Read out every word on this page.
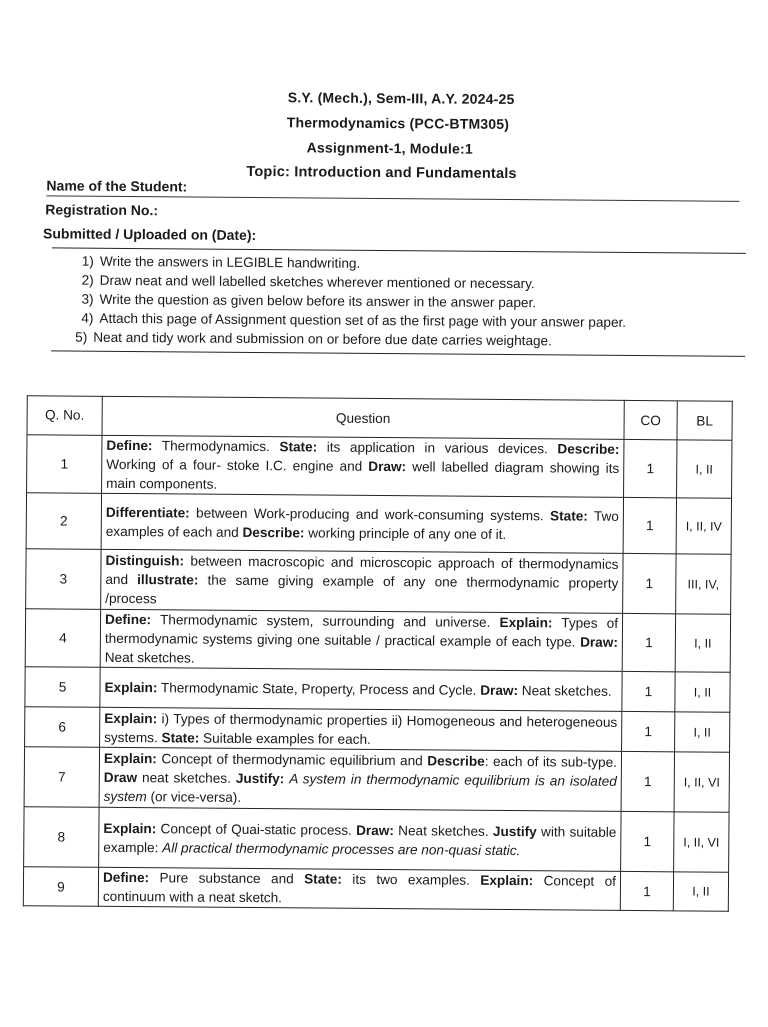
S.Y. (Mech.), Sem-III, A.Y. 2024-25
Thermodynamics (PCC-BTM305)
Assignment-1, Module:1
Topic: Introduction and Fundamentals
Name of the Student:
Registration No.:
Submitted / Uploaded on (Date):
1) Write the answers in LEGIBLE handwriting.
2) Draw neat and well labelled sketches wherever mentioned or necessary.
3) Write the question as given below before its answer in the answer paper.
4) Attach this page of Assignment question set of as the first page with your answer paper.
5) Neat and tidy work and submission on or before due date carries weightage.
Q. No.	Question	CO	BL
1	Define: Thermodynamics. State: its application in various devices. Describe: Working of a four- stoke I.C. engine and Draw: well labelled diagram showing its main components.	1	I, II
2	Differentiate: between Work-producing and work-consuming systems. State: Two examples of each and Describe: working principle of any one of it.	1	I, II, IV
3	Distinguish: between macroscopic and microscopic approach of thermodynamics and illustrate: the same giving example of any one thermodynamic property /process	1	III, IV,
4	Define: Thermodynamic system, surrounding and universe. Explain: Types of thermodynamic systems giving one suitable / practical example of each type. Draw: Neat sketches.	1	I, II
5	Explain: Thermodynamic State, Property, Process and Cycle. Draw: Neat sketches.	1	I, II
6	Explain: i) Types of thermodynamic properties ii) Homogeneous and heterogeneous systems. State: Suitable examples for each.	1	I, II
7	Explain: Concept of thermodynamic equilibrium and Describe: each of its sub-type. Draw neat sketches. Justify: A system in thermodynamic equilibrium is an isolated system (or vice-versa).	1	I, II, VI
8	Explain: Concept of Quai-static process. Draw: Neat sketches. Justify with suitable example: All practical thermodynamic processes are non-quasi static.	1	I, II, VI
9	Define: Pure substance and State: its two examples. Explain: Concept of continuum with a neat sketch.	1	I, II
